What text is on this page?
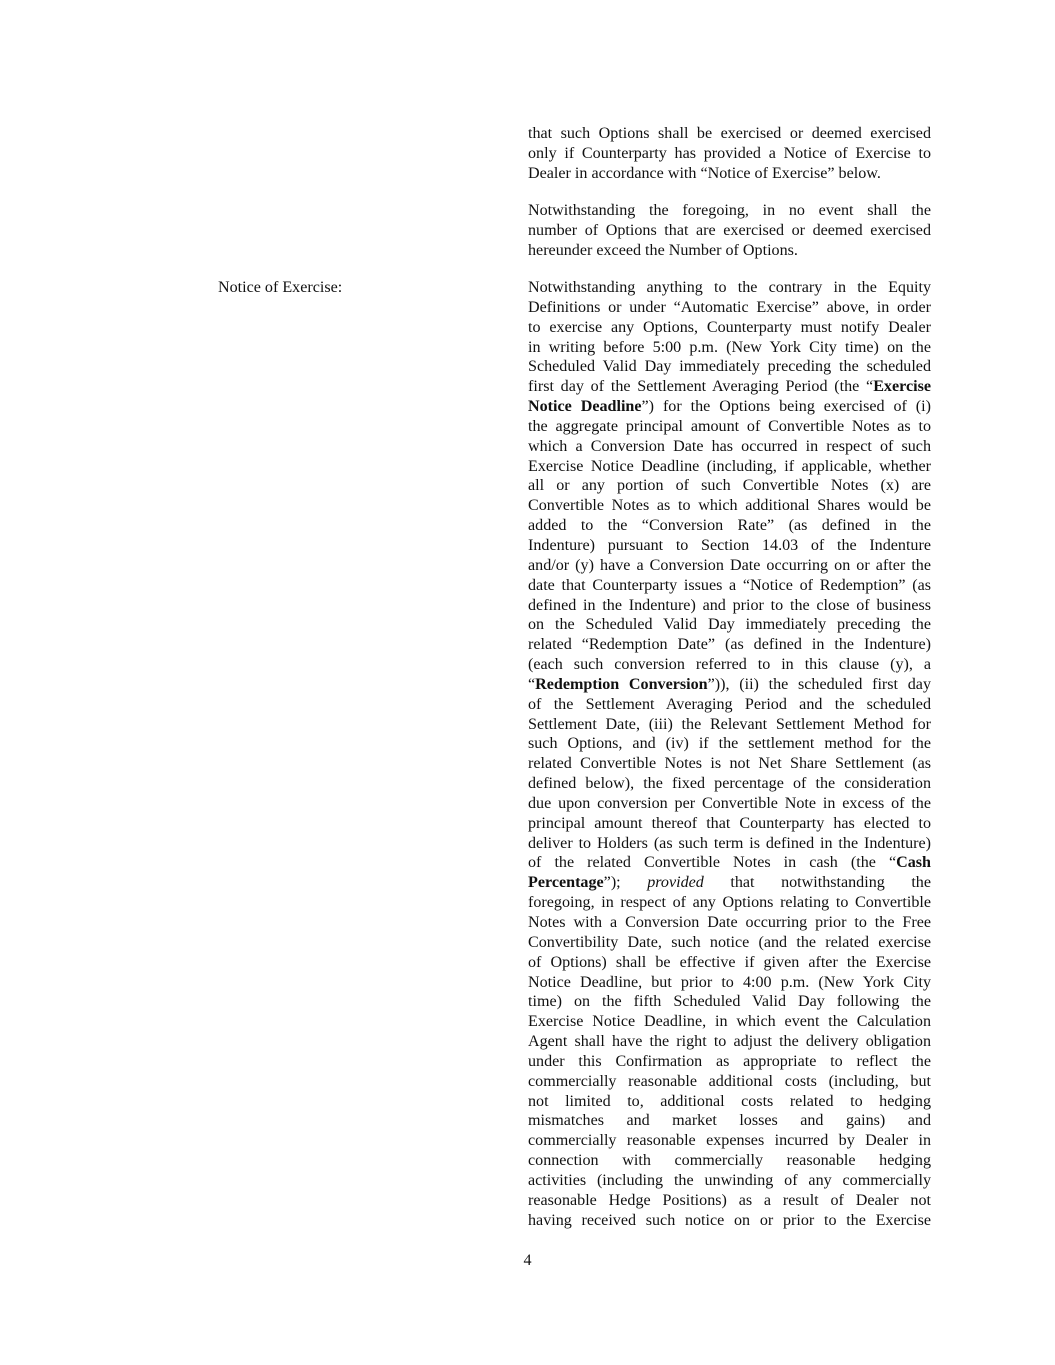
that such Options shall be exercised or deemed exercised
only if Counterparty has provided a Notice of Exercise to
Dealer in accordance with “Notice of Exercise” below.
Notwithstanding the foregoing, in no event shall the
number of Options that are exercised or deemed exercised
hereunder exceed the Number of Options.
Notice of Exercise:	Notwithstanding anything to the contrary in the Equity
Definitions or under “Automatic Exercise” above, in order
to exercise any Options, Counterparty must notify Dealer
in writing before 5:00 p.m. (New York City time) on the
Scheduled Valid Day immediately preceding the scheduled
first day of the Settlement Averaging Period (the “Exercise
Notice Deadline”) for the Options being exercised of (i)
the aggregate principal amount of Convertible Notes as to
which a Conversion Date has occurred in respect of such
Exercise Notice Deadline (including, if applicable, whether
all or any portion of such Convertible Notes (x) are
Convertible Notes as to which additional Shares would be
added to the “Conversion Rate” (as defined in the
Indenture) pursuant to Section 14.03 of the Indenture
and/or (y) have a Conversion Date occurring on or after the
date that Counterparty issues a “Notice of Redemption” (as
defined in the Indenture) and prior to the close of business
on the Scheduled Valid Day immediately preceding the
related “Redemption Date” (as defined in the Indenture)
(each such conversion referred to in this clause (y), a
“Redemption Conversion”)), (ii) the scheduled first day
of the Settlement Averaging Period and the scheduled
Settlement Date, (iii) the Relevant Settlement Method for
such Options, and (iv) if the settlement method for the
related Convertible Notes is not Net Share Settlement (as
defined below), the fixed percentage of the consideration
due upon conversion per Convertible Note in excess of the
principal amount thereof that Counterparty has elected to
deliver to Holders (as such term is defined in the Indenture)
of the related Convertible Notes in cash (the “Cash
Percentage”); provided that notwithstanding the
foregoing, in respect of any Options relating to Convertible
Notes with a Conversion Date occurring prior to the Free
Convertibility Date, such notice (and the related exercise
of Options) shall be effective if given after the Exercise
Notice Deadline, but prior to 4:00 p.m. (New York City
time) on the fifth Scheduled Valid Day following the
Exercise Notice Deadline, in which event the Calculation
Agent shall have the right to adjust the delivery obligation
under this Confirmation as appropriate to reflect the
commercially reasonable additional costs (including, but
not limited to, additional costs related to hedging
mismatches and market losses and gains) and
commercially reasonable expenses incurred by Dealer in
connection with commercially reasonable hedging
activities (including the unwinding of any commercially
reasonable Hedge Positions) as a result of Dealer not
having received such notice on or prior to the Exercise
4
